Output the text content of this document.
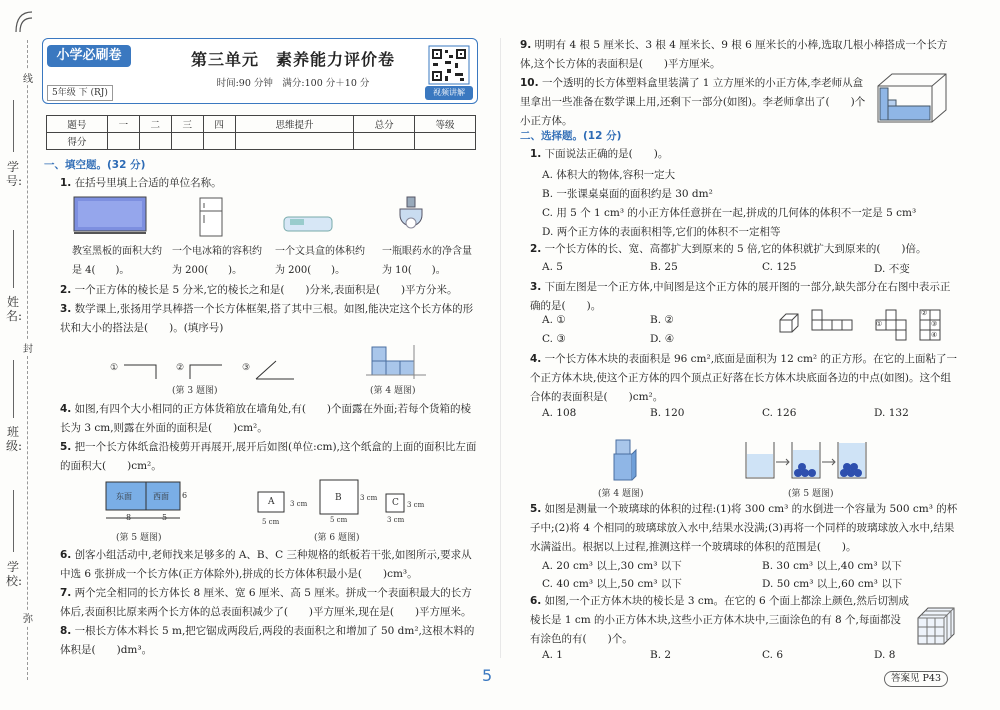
线
封
弥
学号:
姓名:
班级:
学校:
小学必刷卷
5年级 下 (RJ)
第三单元　素养能力评价卷
时间:90 分钟　满分:100 分＋10 分
视频讲解
题号	一	二	三	四	思维提升	总分	等级
得分							
一、填空题。(32 分)
1. 在括号里填上合适的单位名称。
教室黑板的面积大约是 4(　　)。
一个电冰箱的容积约为 200(　　)。
一个文具盒的体积约为 200(　　)。
一瓶眼药水的净含量为 10(　　)。
2. 一个正方体的棱长是 5 分米,它的棱长之和是(　　)分米,表面积是(　　)平方分米。
3. 数学课上,张扬用学具棒搭一个长方体框架,搭了其中三根。如图,能决定这个长方体的形状和大小的搭法是(　　)。(填序号)
①	②	③
(第 3 题图)	(第 4 题图)
4. 如图,有四个大小相同的正方体货箱放在墙角处,有(　　)个面露在外面;若每个货箱的棱长为 3 cm,则露在外面的面积是(　　)cm²。
5. 把一个长方体纸盒沿棱剪开再展开,展开后如图(单位:cm),这个纸盒的上面的面积比左面的面积大(　　)cm²。
东面	西面
8	5
6
(第 5 题图)
A	B	C
3 cm
5 cm
3 cm
5 cm
3 cm
3 cm
(第 6 题图)
6. 创客小组活动中,老师找来足够多的 A、B、C 三种规格的纸板若干张,如图所示,要求从中选 6 张拼成一个长方体(正方体除外),拼成的长方体体积最小是(　　)cm³。
7. 两个完全相同的长方体长 8 厘米、宽 6 厘米、高 5 厘米。拼成一个表面积最大的长方体后,表面积比原来两个长方体的总表面积减少了(　　)平方厘米,现在是(　　)平方厘米。
8. 一根长方体木料长 5 m,把它锯成两段后,两段的表面积之和增加了 50 dm²,这根木料的体积是(　　)dm³。
9. 明明有 4 根 5 厘米长、3 根 4 厘米长、9 根 6 厘米长的小棒,选取几根小棒搭成一个长方体,这个长方体的表面积是(　　)平方厘米。
10. 一个透明的长方体塑料盒里装满了 1 立方厘米的小正方体,李老师从盒里拿出一些准备在数学课上用,还剩下一部分(如图)。李老师拿出了(　　)个小正方体。
二、选择题。(12 分)
1. 下面说法正确的是(　　)。
A. 体积大的物体,容积一定大
B. 一张课桌桌面的面积约是 30 dm²
C. 用 5 个 1 cm³ 的小正方体任意拼在一起,拼成的几何体的体积不一定是 5 cm³
D. 两个正方体的表面积相等,它们的体积不一定相等
2. 一个长方体的长、宽、高都扩大到原来的 5 倍,它的体积就扩大到原来的(　　)倍。
A. 5	B. 25	C. 125	D. 不变
3. 下面左图是一个正方体,中间图是这个正方体的展开图的一部分,缺失部分在右图中表示正确的是(　　)。
A. ①	B. ②
C. ③	D. ④
①
②
③
④
4. 一个长方体木块的表面积是 96 cm²,底面是面积为 12 cm² 的正方形。在它的上面粘了一个正方体木块,使这个正方体的四个顶点正好落在长方体木块底面各边的中点(如图)。这个组合体的表面积是(　　)cm²。
A. 108	B. 120	C. 126	D. 132
(第 4 题图)	(第 5 题图)
5. 如图是测量一个玻璃球的体积的过程:(1)将 300 cm³ 的水倒进一个容量为 500 cm³ 的杯子中;(2)将 4 个相同的玻璃球放入水中,结果水没满;(3)再将一个同样的玻璃球放入水中,结果水满溢出。根据以上过程,推测这样一个玻璃球的体积的范围是(　　)。
A. 20 cm³ 以上,30 cm³ 以下	B. 30 cm³ 以上,40 cm³ 以下
C. 40 cm³ 以上,50 cm³ 以下	D. 50 cm³ 以上,60 cm³ 以下
6. 如图,一个正方体木块的棱长是 3 cm。在它的 6 个面上都涂上颜色,然后切割成棱长是 1 cm 的小正方体木块,这些小正方体木块中,三面涂色的有 8 个,每面都没有涂色的有(　　)个。
A. 1	B. 2	C. 6	D. 8
5	答案见 P43
